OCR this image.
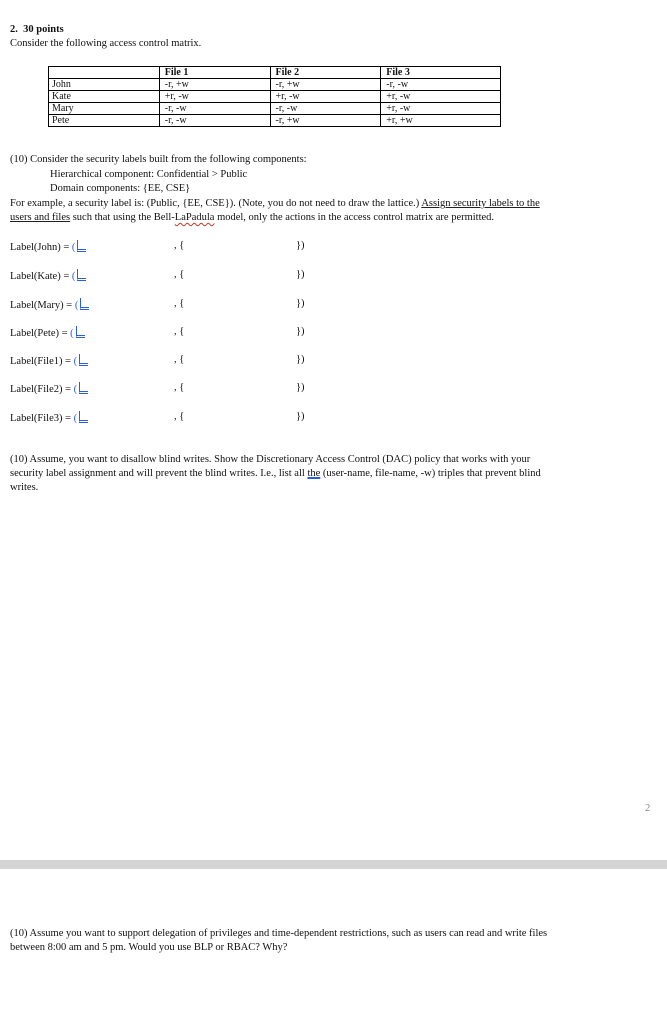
2. 30 points
Consider the following access control matrix.
	File 1	File 2	File 3
John	-r, +w	-r, +w	-r, -w
Kate	+r, -w	+r, -w	+r, -w
Mary	-r, -w	-r, -w	+r, -w
Pete	-r, -w	-r, +w	+r, +w
(10) Consider the security labels built from the following components:
Hierarchical component: Confidential > Public
Domain components: {EE, CSE}
For example, a security label is: (Public, {EE, CSE}). (Note, you do not need to draw the lattice.) Assign security labels to the
users and files such that using the Bell-LaPadula model, only the actions in the access control matrix are permitted.
Label(John) = (	, {	})
Label(Kate) = (	, {	})
Label(Mary) = (	, {	})
Label(Pete) = (	, {	})
Label(File1) = (	, {	})
Label(File2) = (	, {	})
Label(File3) = (	, {	})
(10) Assume, you want to disallow blind writes. Show the Discretionary Access Control (DAC) policy that works with your
security label assignment and will prevent the blind writes. I.e., list all the (user-name, file-name, -w) triples that prevent blind
writes.
2
(10) Assume you want to support delegation of privileges and time-dependent restrictions, such as users can read and write files
between 8:00 am and 5 pm. Would you use BLP or RBAC? Why?
